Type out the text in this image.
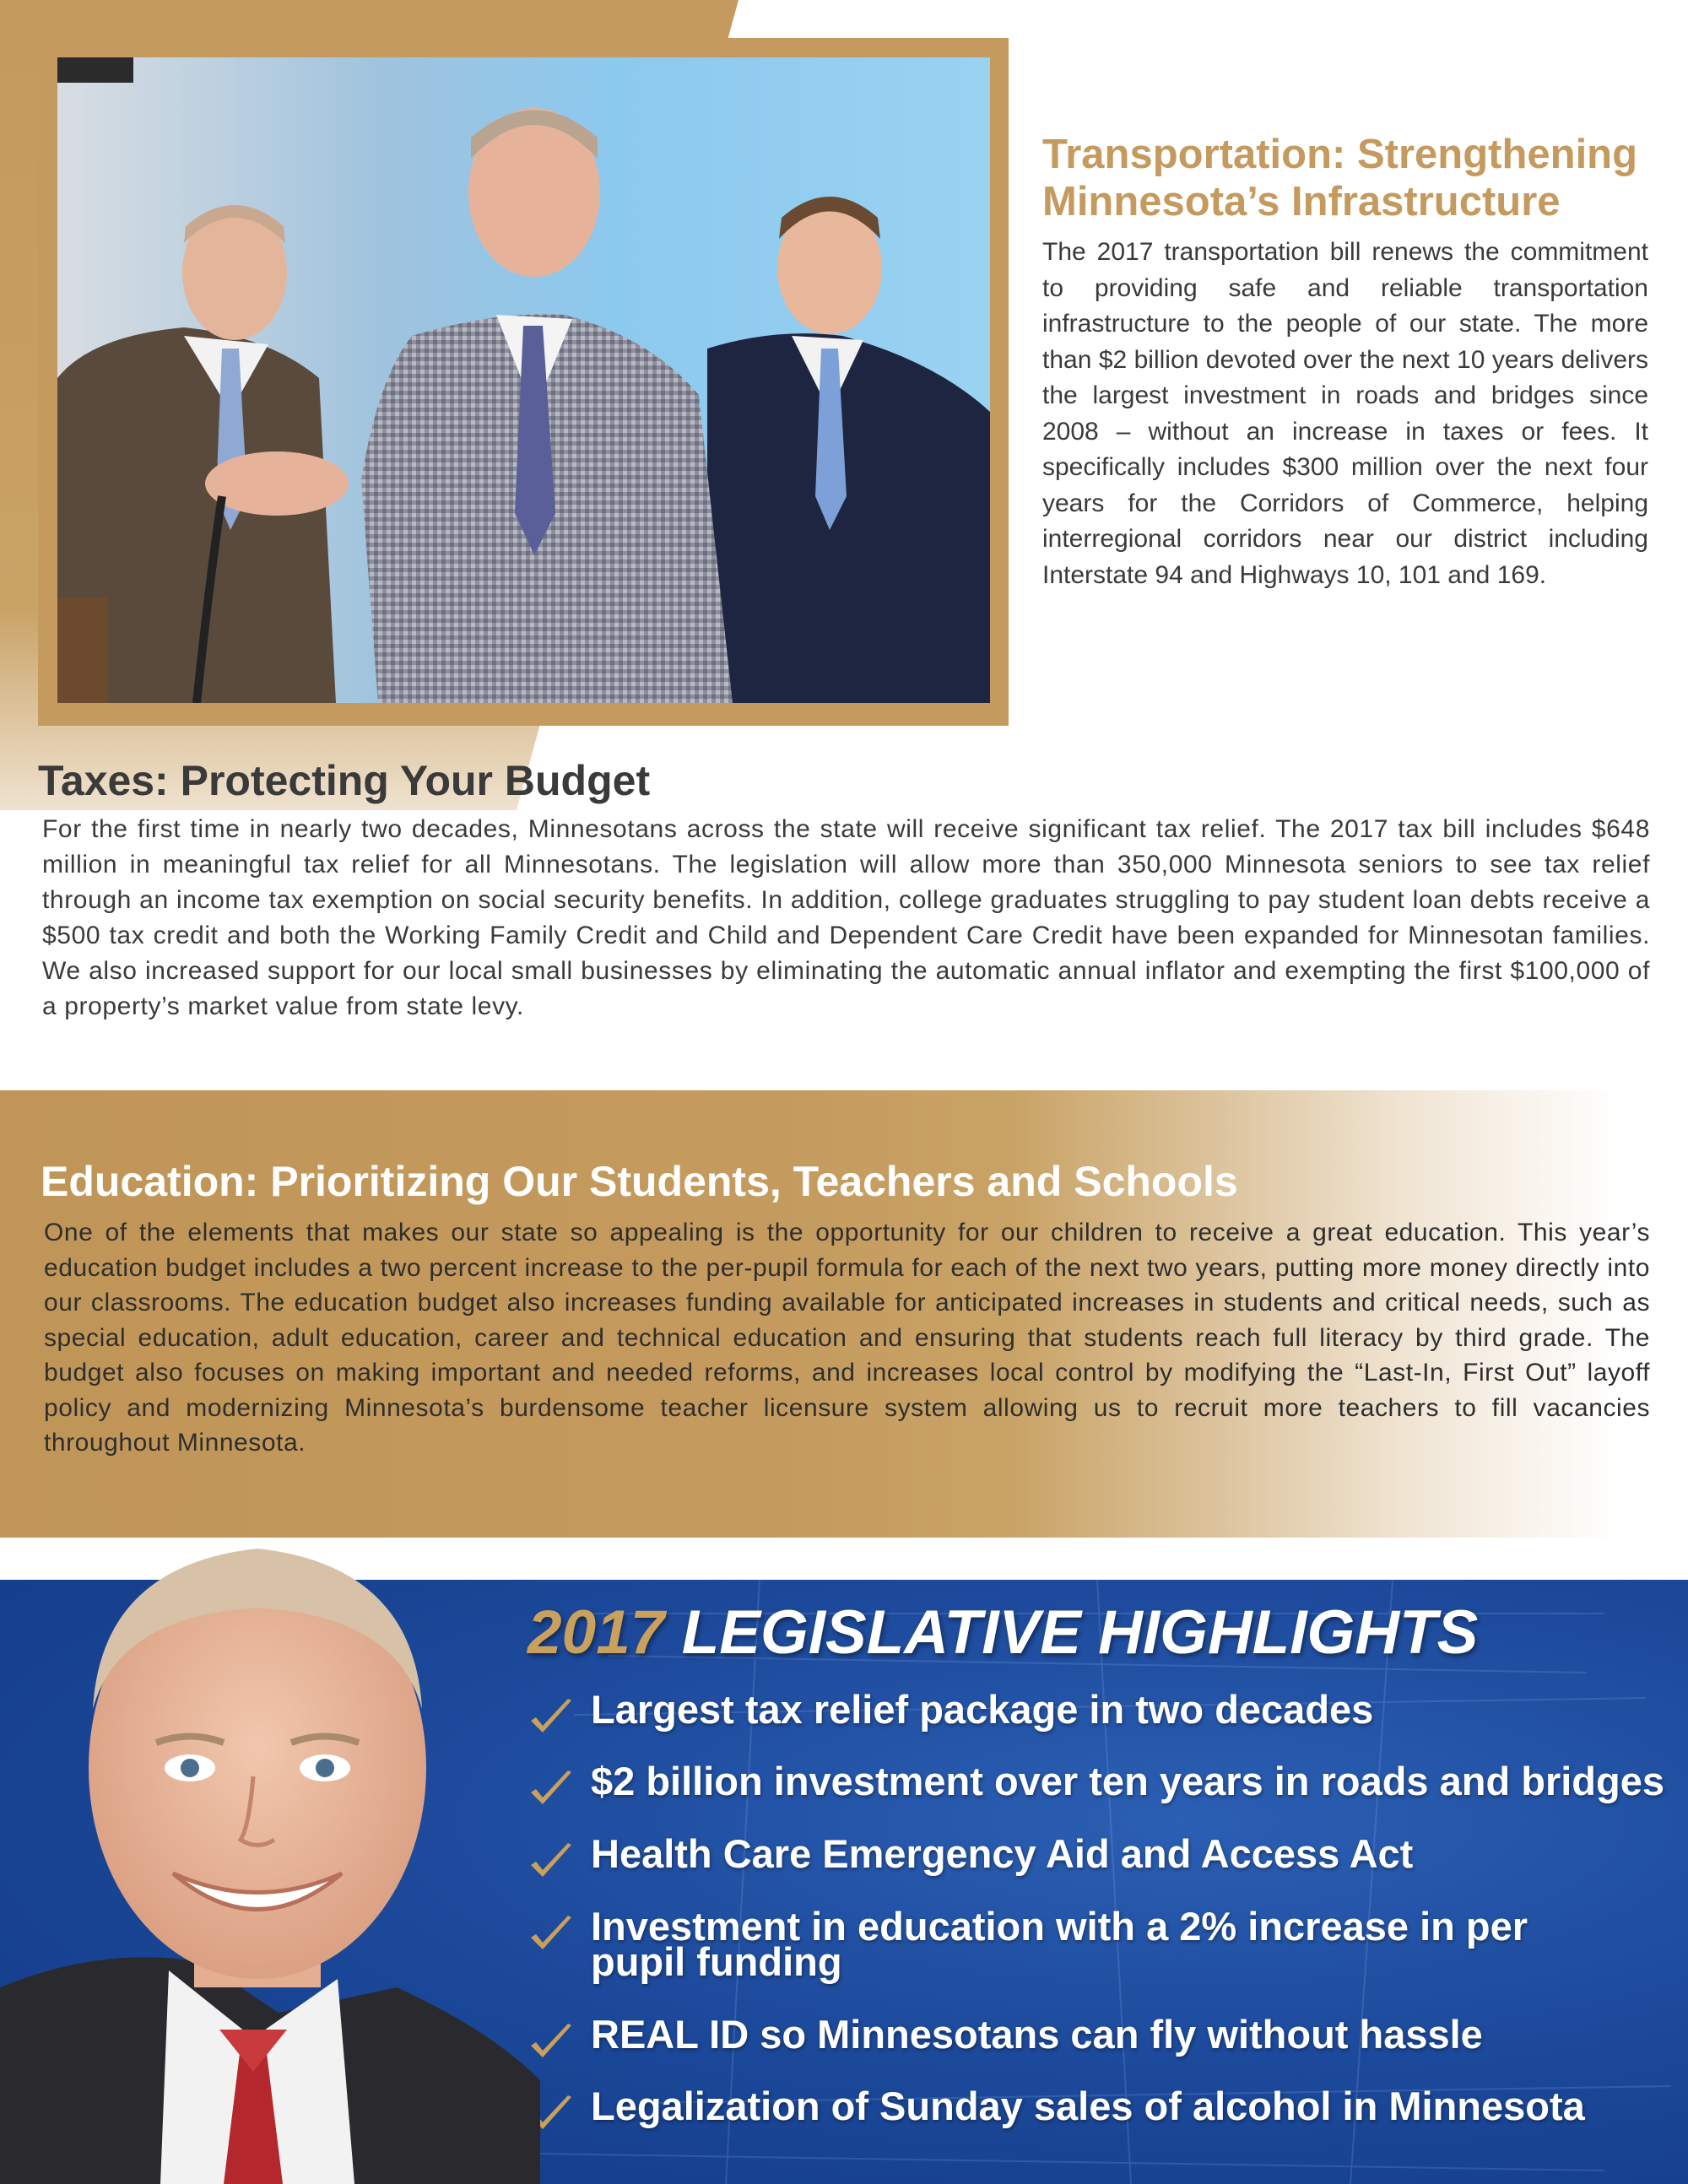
Transportation: Strengthening Minnesota’s Infrastructure

The 2017 transportation bill renews the commitment to providing safe and reliable transportation infrastructure to the people of our state. The more than $2 billion devoted over the next 10 years delivers the largest investment in roads and bridges since 2008 – without an increase in taxes or fees. It specifically includes $300 million over the next four years for the Corridors of Commerce, helping interregional corridors near our district including Interstate 94 and Highways 10, 101 and 169.

Taxes: Protecting Your Budget

For the first time in nearly two decades, Minnesotans across the state will receive significant tax relief. The 2017 tax bill includes $648 million in meaningful tax relief for all Minnesotans. The legislation will allow more than 350,000 Minnesota seniors to see tax relief through an income tax exemption on social security benefits. In addition, college graduates struggling to pay student loan debts receive a $500 tax credit and both the Working Family Credit and Child and Dependent Care Credit have been expanded for Minnesotan families. We also increased support for our local small businesses by eliminating the automatic annual inflator and exempting the first $100,000 of a property’s market value from state levy.

Education: Prioritizing Our Students, Teachers and Schools

One of the elements that makes our state so appealing is the opportunity for our children to receive a great education. This year’s education budget includes a two percent increase to the per-pupil formula for each of the next two years, putting more money directly into our classrooms. The education budget also increases funding available for anticipated increases in students and critical needs, such as special education, adult education, career and technical education and ensuring that students reach full literacy by third grade. The budget also focuses on making important and needed reforms, and increases local control by modifying the “Last-In, First Out” layoff policy and modernizing Minnesota’s burdensome teacher licensure system allowing us to recruit more teachers to fill vacancies throughout Minnesota.

2017 LEGISLATIVE HIGHLIGHTS

Largest tax relief package in two decades

$2 billion investment over ten years in roads and bridges

Health Care Emergency Aid and Access Act

Investment in education with a 2% increase in per pupil funding

REAL ID so Minnesotans can fly without hassle

Legalization of Sunday sales of alcohol in Minnesota
